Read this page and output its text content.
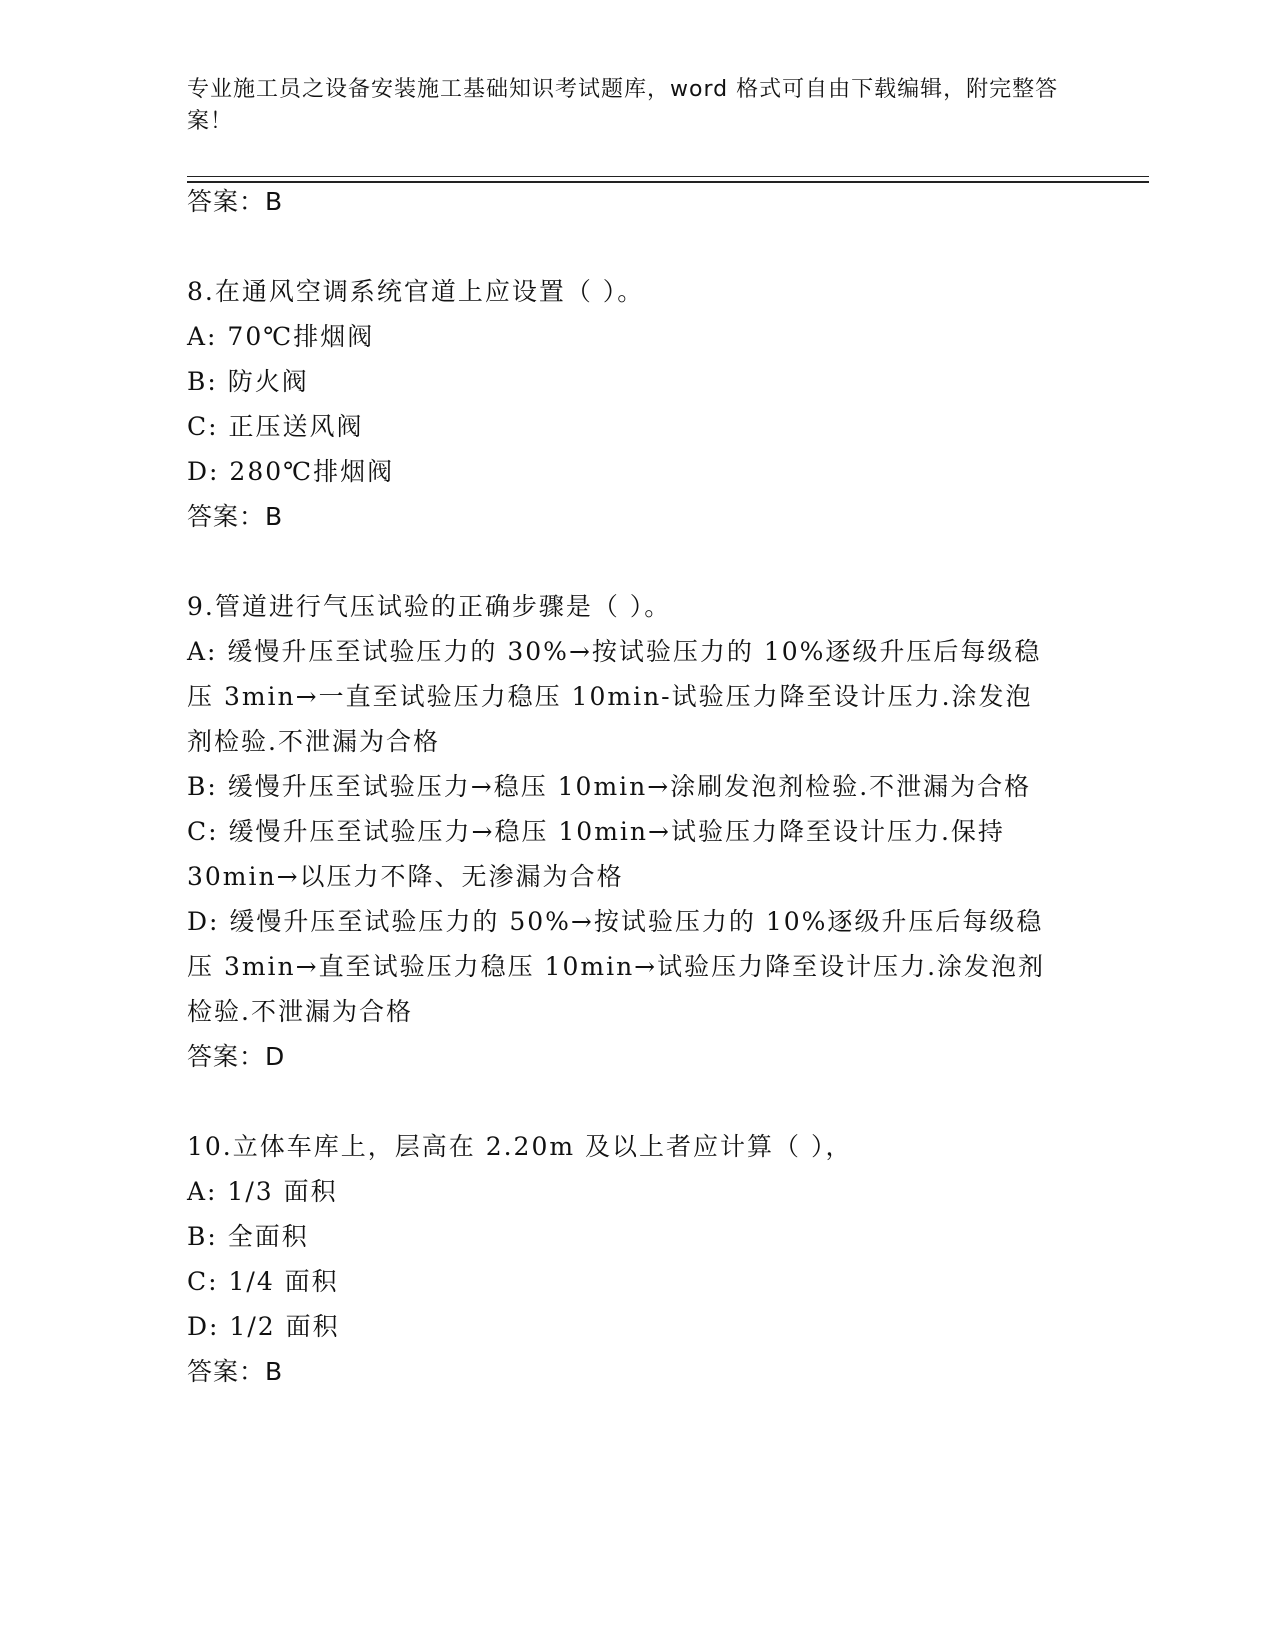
专业施工员之设备安装施工基础知识考试题库，word 格式可自由下载编辑，附完整答案！
答案：B
8.在通风空调系统官道上应设置（ ）。
A: 70℃排烟阀
B: 防火阀
C: 正压送风阀
D: 280℃排烟阀
答案：B
9.管道进行气压试验的正确步骤是（ ）。
A: 缓慢升压至试验压力的 30%→按试验压力的 10%逐级升压后每级稳
压 3min→一直至试验压力稳压 10min-试验压力降至设计压力.涂发泡
剂检验.不泄漏为合格
B: 缓慢升压至试验压力→稳压 10min→涂刷发泡剂检验.不泄漏为合格
C: 缓慢升压至试验压力→稳压 10min→试验压力降至设计压力.保持
30min→以压力不降、无渗漏为合格
D: 缓慢升压至试验压力的 50%→按试验压力的 10%逐级升压后每级稳
压 3min→直至试验压力稳压 10min→试验压力降至设计压力.涂发泡剂
检验.不泄漏为合格
答案：D
10.立体车库上，层高在 2.20m 及以上者应计算（ ），
A: 1/3 面积
B: 全面积
C: 1/4 面积
D: 1/2 面积
答案：B
